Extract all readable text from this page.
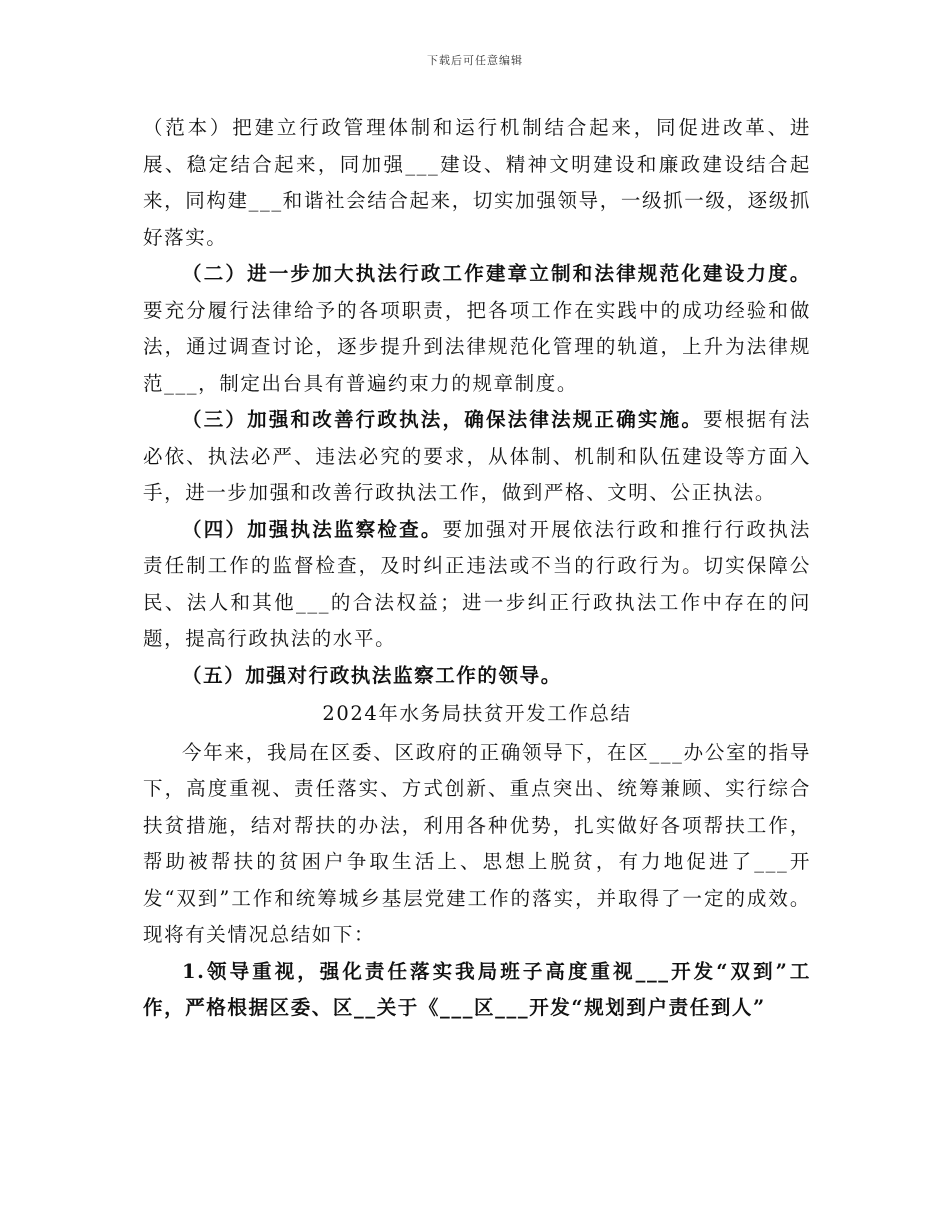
下载后可任意编辑

（范本）把建立行政管理体制和运行机制结合起来，同促进改革、进展、稳定结合起来，同加强___建设、精神文明建设和廉政建设结合起来，同构建___和谐社会结合起来，切实加强领导，一级抓一级，逐级抓好落实。

（二）进一步加大执法行政工作建章立制和法律规范化建设力度。要充分履行法律给予的各项职责，把各项工作在实践中的成功经验和做法，通过调查讨论，逐步提升到法律规范化管理的轨道，上升为法律规范___，制定出台具有普遍约束力的规章制度。

（三）加强和改善行政执法，确保法律法规正确实施。要根据有法必依、执法必严、违法必究的要求，从体制、机制和队伍建设等方面入手，进一步加强和改善行政执法工作，做到严格、文明、公正执法。

（四）加强执法监察检查。要加强对开展依法行政和推行行政执法责任制工作的监督检查，及时纠正违法或不当的行政行为。切实保障公民、法人和其他___的合法权益；进一步纠正行政执法工作中存在的问题，提高行政执法的水平。

（五）加强对行政执法监察工作的领导。

2024年水务局扶贫开发工作总结

今年来，我局在区委、区政府的正确领导下，在区___办公室的指导下，高度重视、责任落实、方式创新、重点突出、统筹兼顾、实行综合扶贫措施，结对帮扶的办法，利用各种优势，扎实做好各项帮扶工作，帮助被帮扶的贫困户争取生活上、思想上脱贫，有力地促进了___开发“双到”工作和统筹城乡基层党建工作的落实，并取得了一定的成效。现将有关情况总结如下：

1.领导重视，强化责任落实我局班子高度重视___开发“双到”工作，严格根据区委、区__关于《___区___开发“规划到户责任到人”
